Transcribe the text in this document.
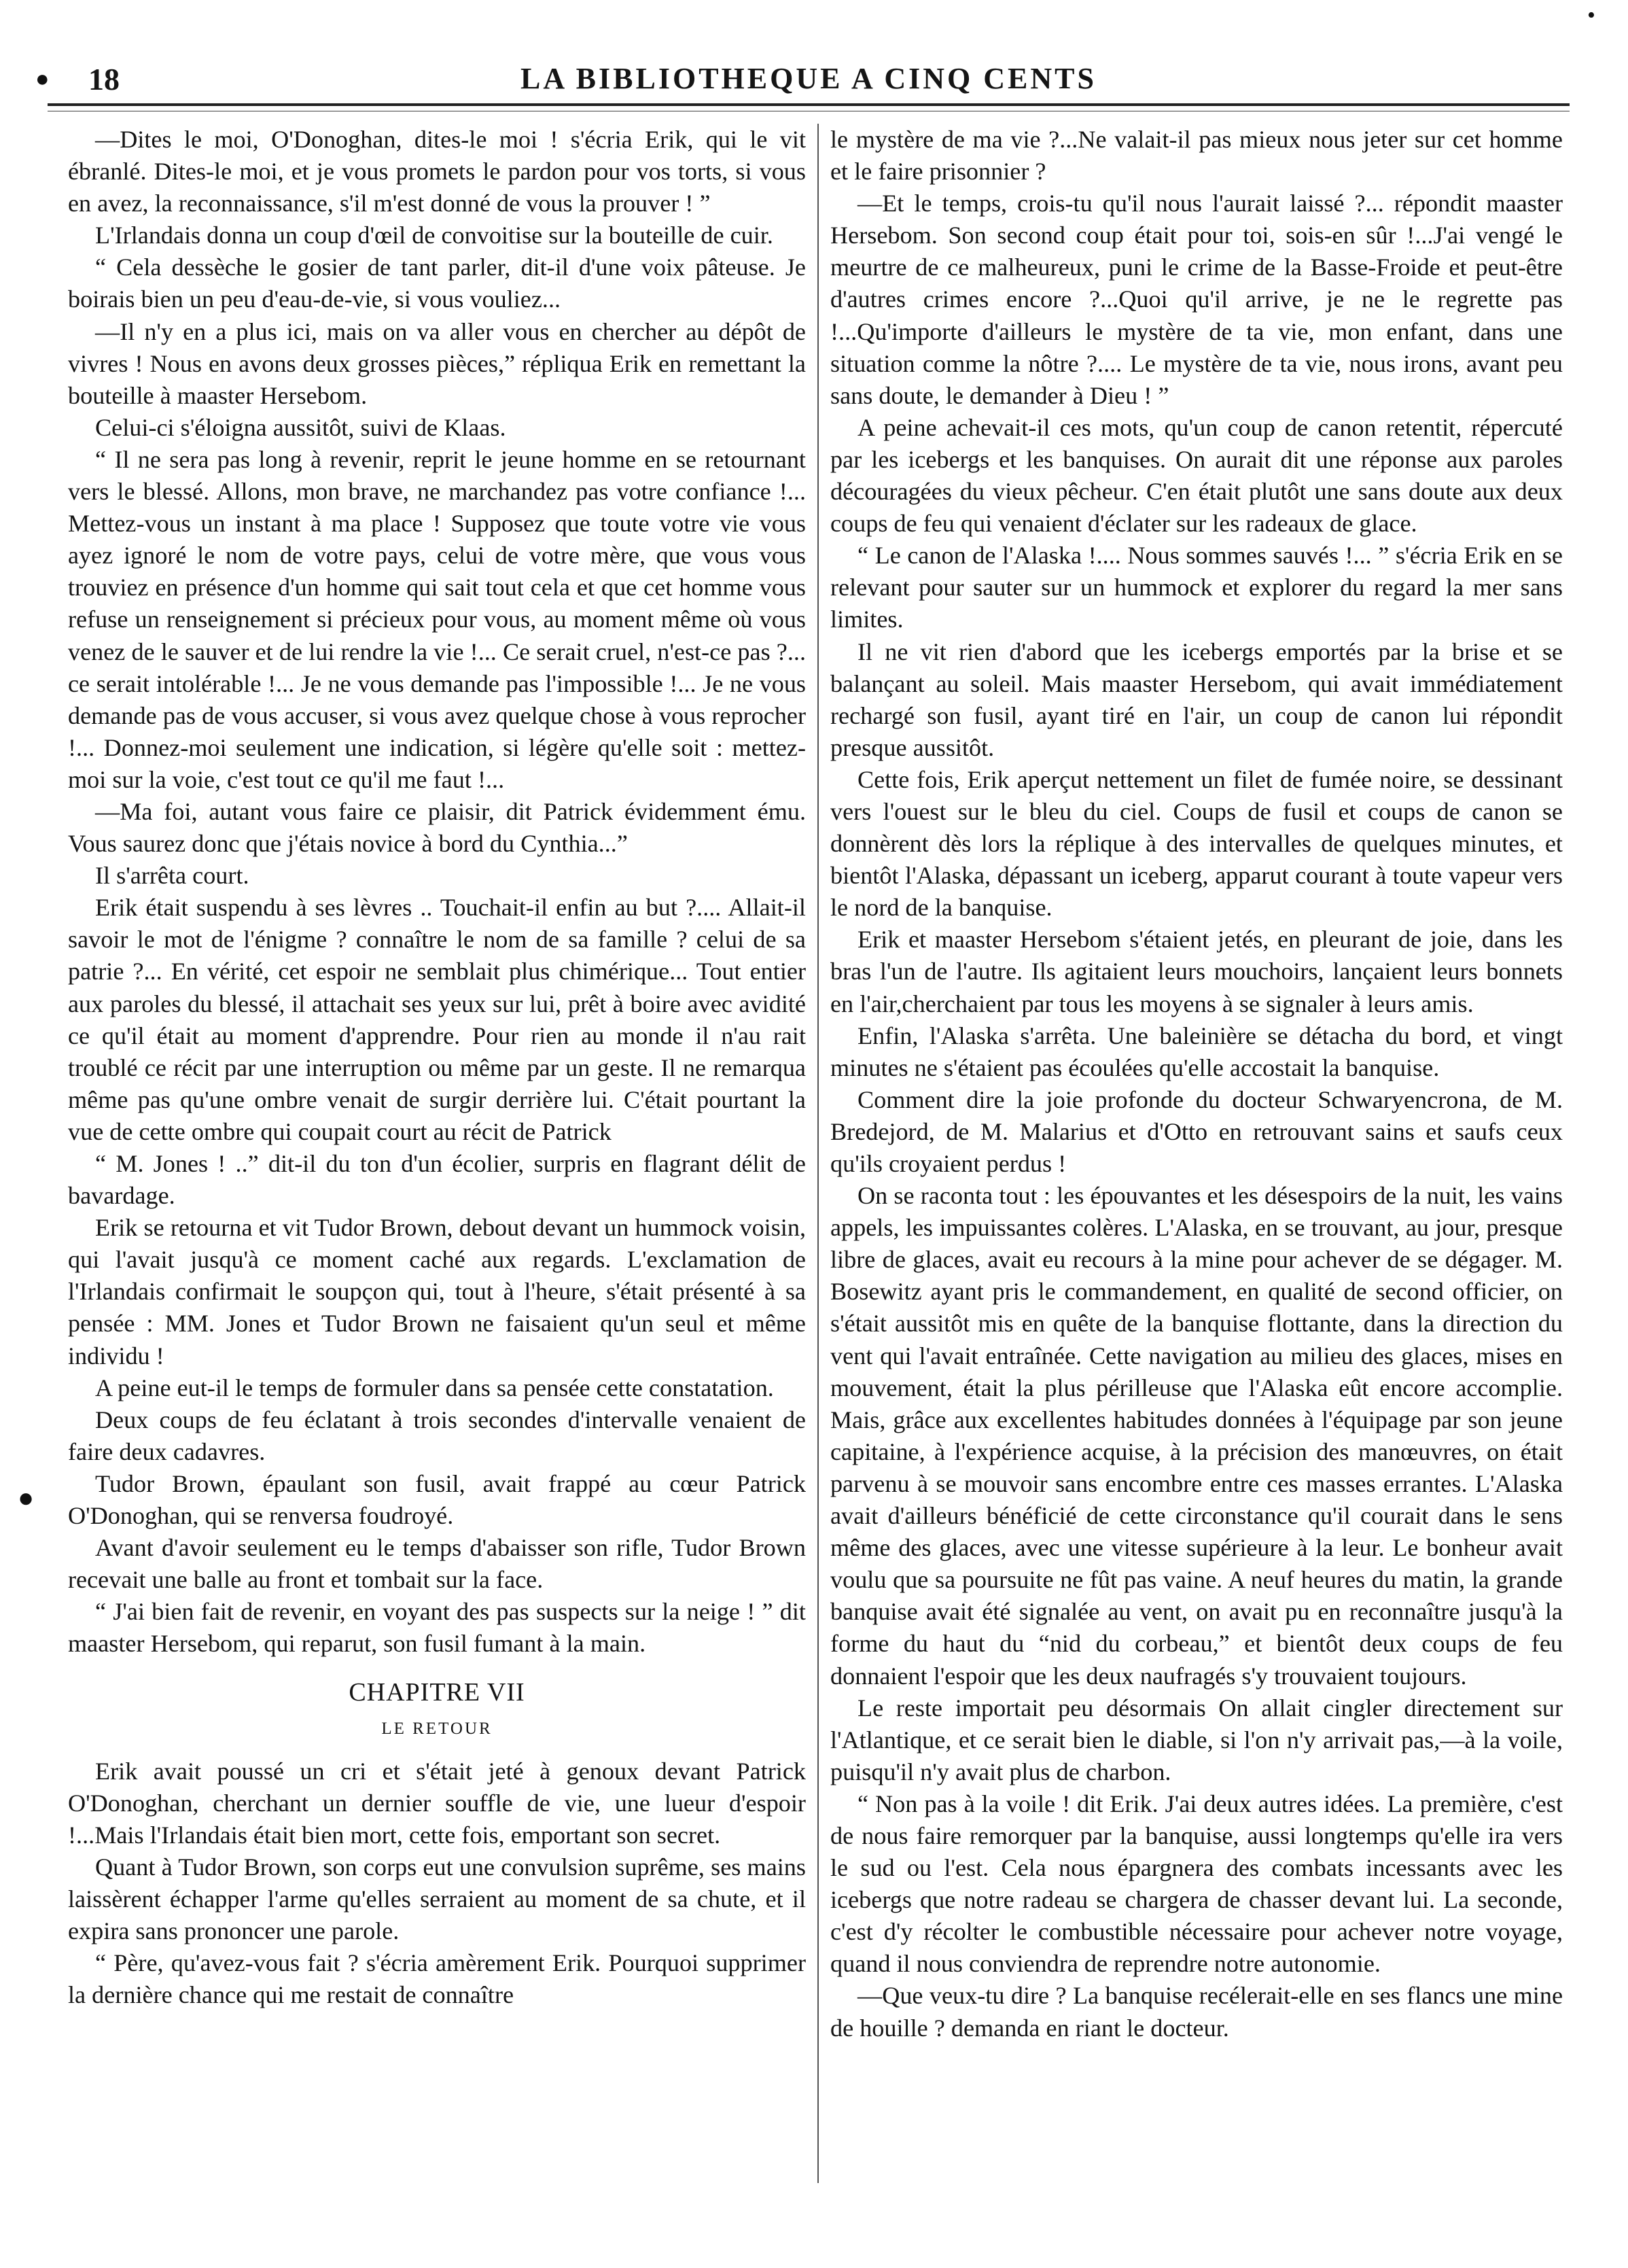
18	LA BIBLIOTHEQUE A CINQ CENTS
●
•
●

—Dites le moi, O'Donoghan, dites-le moi ! s'écria Erik, qui le vit ébranlé. Dites-le moi, et je vous promets le pardon pour vos torts, si vous en avez, la reconnaissance, s'il m'est donné de vous la prouver ! ”

L'Irlandais donna un coup d'œil de convoitise sur la bouteille de cuir.

“ Cela dessèche le gosier de tant parler, dit-il d'une voix pâteuse. Je boirais bien un peu d'eau-de-vie, si vous vouliez...

—Il n'y en a plus ici, mais on va aller vous en chercher au dépôt de vivres ! Nous en avons deux grosses pièces,” répliqua Erik en remettant la bouteille à maaster Hersebom.

Celui-ci s'éloigna aussitôt, suivi de Klaas.

“ Il ne sera pas long à revenir, reprit le jeune homme en se retournant vers le blessé. Allons, mon brave, ne marchandez pas votre confiance !... Mettez-vous un instant à ma place ! Supposez que toute votre vie vous ayez ignoré le nom de votre pays, celui de votre mère, que vous vous trouviez en présence d'un homme qui sait tout cela et que cet homme vous refuse un renseignement si précieux pour vous, au moment même où vous venez de le sauver et de lui rendre la vie !... Ce serait cruel, n'est-ce pas ?... ce serait intolérable !... Je ne vous demande pas l'impossible !... Je ne vous demande pas de vous accuser, si vous avez quelque chose à vous reprocher !... Donnez-moi seulement une indication, si légère qu'elle soit : mettez-moi sur la voie, c'est tout ce qu'il me faut !...

—Ma foi, autant vous faire ce plaisir, dit Patrick évidemment ému. Vous saurez donc que j'étais novice à bord du Cynthia...”

Il s'arrêta court.

Erik était suspendu à ses lèvres .. Touchait-il enfin au but ?.... Allait-il savoir le mot de l'énigme ? connaître le nom de sa famille ? celui de sa patrie ?... En vérité, cet espoir ne semblait plus chimérique... Tout entier aux paroles du blessé, il attachait ses yeux sur lui, prêt à boire avec avidité ce qu'il était au moment d'apprendre. Pour rien au monde il n'au rait troublé ce récit par une interruption ou même par un geste. Il ne remarqua même pas qu'une ombre venait de surgir derrière lui. C'était pourtant la vue de cette ombre qui coupait court au récit de Patrick

“ M. Jones ! ..” dit-il du ton d'un écolier, surpris en flagrant délit de bavardage.

Erik se retourna et vit Tudor Brown, debout devant un hummock voisin, qui l'avait jusqu'à ce moment caché aux regards. L'exclamation de l'Irlandais confirmait le soupçon qui, tout à l'heure, s'était présenté à sa pensée : MM. Jones et Tudor Brown ne faisaient qu'un seul et même individu !

A peine eut-il le temps de formuler dans sa pensée cette constatation.

Deux coups de feu éclatant à trois secondes d'intervalle venaient de faire deux cadavres.

Tudor Brown, épaulant son fusil, avait frappé au cœur Patrick O'Donoghan, qui se renversa foudroyé.

Avant d'avoir seulement eu le temps d'abaisser son rifle, Tudor Brown recevait une balle au front et tombait sur la face.

“ J'ai bien fait de revenir, en voyant des pas suspects sur la neige ! ” dit maaster Hersebom, qui reparut, son fusil fumant à la main.

CHAPITRE VII
LE RETOUR

Erik avait poussé un cri et s'était jeté à genoux devant Patrick O'Donoghan, cherchant un dernier souffle de vie, une lueur d'espoir !...Mais l'Irlandais était bien mort, cette fois, emportant son secret.

Quant à Tudor Brown, son corps eut une convulsion suprême, ses mains laissèrent échapper l'arme qu'elles serraient au moment de sa chute, et il expira sans prononcer une parole.

“ Père, qu'avez-vous fait ? s'écria amèrement Erik. Pourquoi supprimer la dernière chance qui me restait de connaître

le mystère de ma vie ?...Ne valait-il pas mieux nous jeter sur cet homme et le faire prisonnier ?

—Et le temps, crois-tu qu'il nous l'aurait laissé ?... répondit maaster Hersebom. Son second coup était pour toi, sois-en sûr !...J'ai vengé le meurtre de ce malheureux, puni le crime de la Basse-Froide et peut-être d'autres crimes encore ?...Quoi qu'il arrive, je ne le regrette pas !...Qu'importe d'ailleurs le mystère de ta vie, mon enfant, dans une situation comme la nôtre ?.... Le mystère de ta vie, nous irons, avant peu sans doute, le demander à Dieu ! ”

A peine achevait-il ces mots, qu'un coup de canon retentit, répercuté par les icebergs et les banquises. On aurait dit une réponse aux paroles découragées du vieux pêcheur. C'en était plutôt une sans doute aux deux coups de feu qui venaient d'éclater sur les radeaux de glace.

“ Le canon de l'Alaska !.... Nous sommes sauvés !... ” s'écria Erik en se relevant pour sauter sur un hummock et explorer du regard la mer sans limites.

Il ne vit rien d'abord que les icebergs emportés par la brise et se balançant au soleil. Mais maaster Hersebom, qui avait immédiatement rechargé son fusil, ayant tiré en l'air, un coup de canon lui répondit presque aussitôt.

Cette fois, Erik aperçut nettement un filet de fumée noire, se dessinant vers l'ouest sur le bleu du ciel. Coups de fusil et coups de canon se donnèrent dès lors la réplique à des intervalles de quelques minutes, et bientôt l'Alaska, dépassant un iceberg, apparut courant à toute vapeur vers le nord de la banquise.

Erik et maaster Hersebom s'étaient jetés, en pleurant de joie, dans les bras l'un de l'autre. Ils agitaient leurs mouchoirs, lançaient leurs bonnets en l'air,cherchaient par tous les moyens à se signaler à leurs amis.

Enfin, l'Alaska s'arrêta. Une baleinière se détacha du bord, et vingt minutes ne s'étaient pas écoulées qu'elle accostait la banquise.

Comment dire la joie profonde du docteur Schwaryencrona, de M. Bredejord, de M. Malarius et d'Otto en retrouvant sains et saufs ceux qu'ils croyaient perdus !

On se raconta tout : les épouvantes et les désespoirs de la nuit, les vains appels, les impuissantes colères. L'Alaska, en se trouvant, au jour, presque libre de glaces, avait eu recours à la mine pour achever de se dégager. M. Bosewitz ayant pris le commandement, en qualité de second officier, on s'était aussitôt mis en quête de la banquise flottante, dans la direction du vent qui l'avait entraînée. Cette navigation au milieu des glaces, mises en mouvement, était la plus périlleuse que l'Alaska eût encore accomplie. Mais, grâce aux excellentes habitudes données à l'équipage par son jeune capitaine, à l'expérience acquise, à la précision des manœuvres, on était parvenu à se mouvoir sans encombre entre ces masses errantes. L'Alaska avait d'ailleurs bénéficié de cette circonstance qu'il courait dans le sens même des glaces, avec une vitesse supérieure à la leur. Le bonheur avait voulu que sa poursuite ne fût pas vaine. A neuf heures du matin, la grande banquise avait été signalée au vent, on avait pu en reconnaître jusqu'à la forme du haut du “nid du corbeau,” et bientôt deux coups de feu donnaient l'espoir que les deux naufragés s'y trouvaient toujours.

Le reste importait peu désormais On allait cingler directement sur l'Atlantique, et ce serait bien le diable, si l'on n'y arrivait pas,—à la voile, puisqu'il n'y avait plus de charbon.

“ Non pas à la voile ! dit Erik. J'ai deux autres idées. La première, c'est de nous faire remorquer par la banquise, aussi longtemps qu'elle ira vers le sud ou l'est. Cela nous épargnera des combats incessants avec les icebergs que notre radeau se chargera de chasser devant lui. La seconde, c'est d'y récolter le combustible nécessaire pour achever notre voyage, quand il nous conviendra de reprendre notre autonomie.

—Que veux-tu dire ? La banquise recélerait-elle en ses flancs une mine de houille ? demanda en riant le docteur.
